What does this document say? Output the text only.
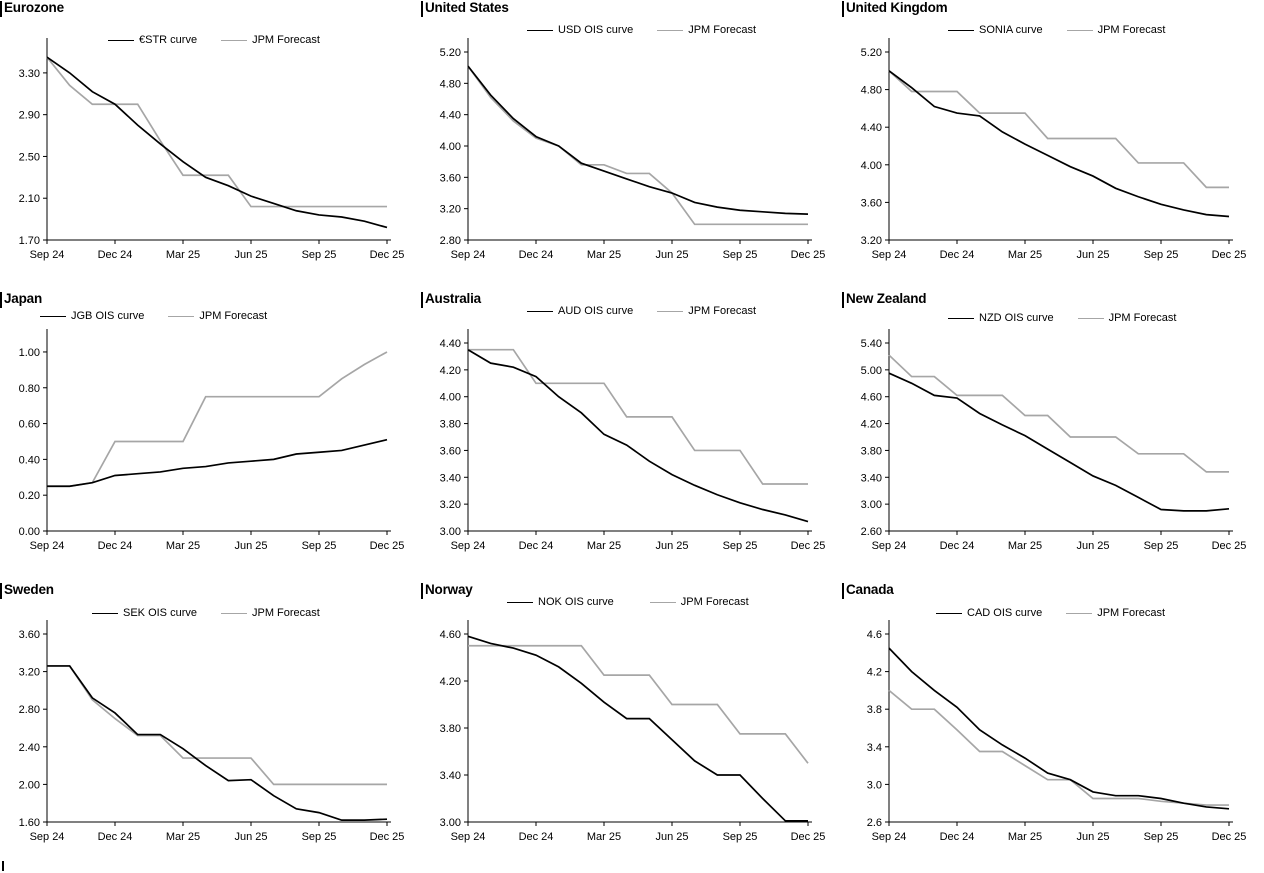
Eurozone
€STR curve	JPM Forecast
1.70
2.10
2.50
2.90
3.30
Sep 24	Dec 24	Mar 25	Jun 25	Sep 25	Dec 25
United States
USD OIS curve	JPM Forecast
2.80
3.20
3.60
4.00
4.40
4.80
5.20
Sep 24	Dec 24	Mar 25	Jun 25	Sep 25	Dec 25
United Kingdom
SONIA curve	JPM Forecast
3.20
3.60
4.00
4.40
4.80
5.20
Sep 24	Dec 24	Mar 25	Jun 25	Sep 25	Dec 25
Japan
JGB OIS curve	JPM Forecast
0.00
0.20
0.40
0.60
0.80
1.00
Sep 24	Dec 24	Mar 25	Jun 25	Sep 25	Dec 25
Australia
AUD OIS curve	JPM Forecast
3.00
3.20
3.40
3.60
3.80
4.00
4.20
4.40
Sep 24	Dec 24	Mar 25	Jun 25	Sep 25	Dec 25
New Zealand
NZD OIS curve	JPM Forecast
2.60
3.00
3.40
3.80
4.20
4.60
5.00
5.40
Sep 24	Dec 24	Mar 25	Jun 25	Sep 25	Dec 25
Sweden
SEK OIS curve	JPM Forecast
1.60
2.00
2.40
2.80
3.20
3.60
Sep 24	Dec 24	Mar 25	Jun 25	Sep 25	Dec 25
Norway
NOK OIS curve	JPM Forecast
3.00
3.40
3.80
4.20
4.60
Sep 24	Dec 24	Mar 25	Jun 25	Sep 25	Dec 25
Canada
CAD OIS curve	JPM Forecast
2.6
3.0
3.4
3.8
4.2
4.6
Sep 24	Dec 24	Mar 25	Jun 25	Sep 25	Dec 25
